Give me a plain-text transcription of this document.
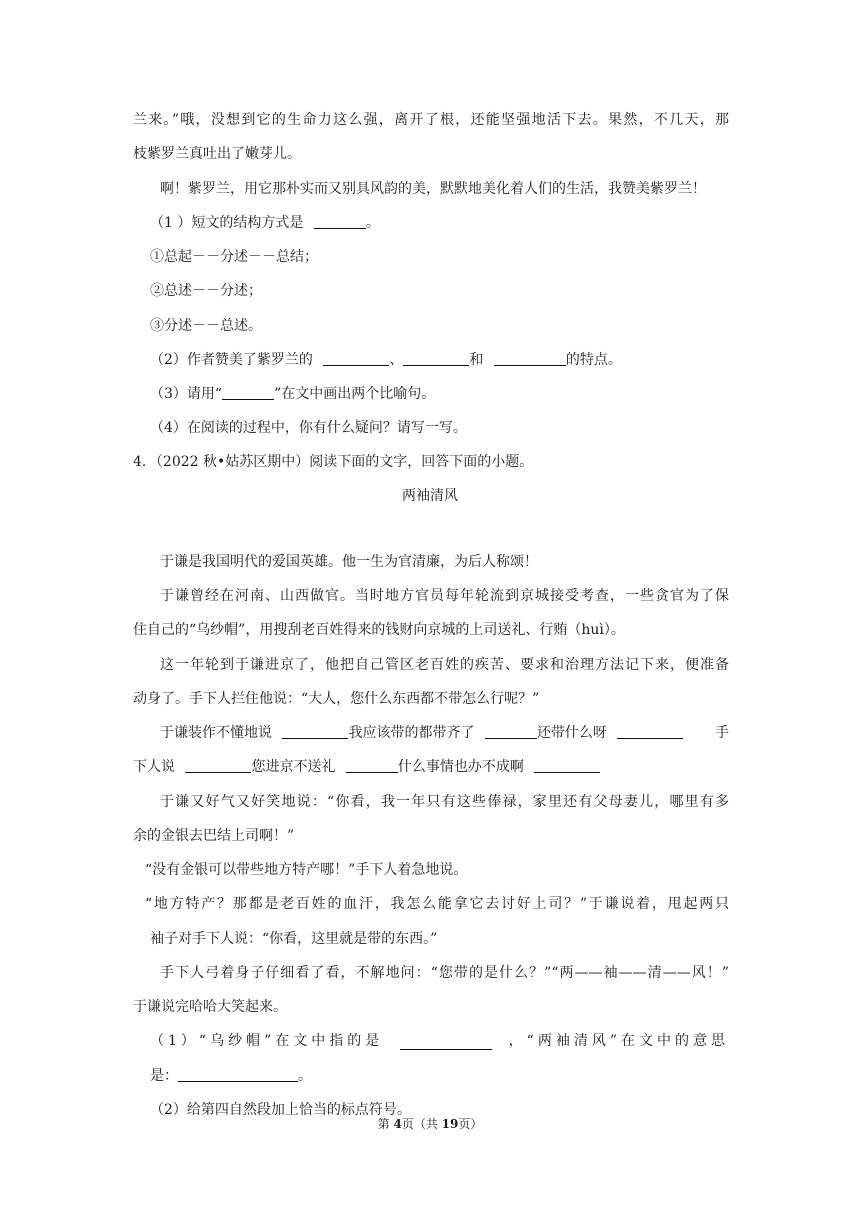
兰来。”哦，没想到它的生命力这么强，离开了根，还能坚强地活下去。果然，不几天，那
枝紫罗兰真吐出了嫩芽儿。
啊！紫罗兰，用它那朴实而又别具风韵的美，默默地美化着人们的生活，我赞美紫罗兰！
（1 ）短文的结构方式是	。
①总起－－分述－－总结；
②总述－－分述；
③分述－－总述。
（2）作者赞美了紫罗兰的	、	和	的特点。
（3）请用“	”在文中画出两个比喻句。
（4）在阅读的过程中，你有什么疑问？请写一写。
4．（2022 秋•姑苏区期中）阅读下面的文字，回答下面的小题。
两袖清风
于谦是我国明代的爱国英雄。他一生为官清廉，为后人称颂！
于谦曾经在河南、山西做官。当时地方官员每年轮流到京城接受考查，一些贪官为了保
住自己的“乌纱帽”，用搜刮老百姓得来的钱财向京城的上司送礼、行贿（huì）。
这一年轮到于谦进京了，他把自己管区老百姓的疾苦、要求和治理方法记下来，便准备
动身了。手下人拦住他说：“大人，您什么东西都不带怎么行呢？”
于谦装作不懂地说	我应该带的都带齐了	还带什么呀	手
下人说	您进京不送礼	什么事情也办不成啊
于谦又好气又好笑地说：“你看，我一年只有这些俸禄，家里还有父母妻儿，哪里有多
余的金银去巴结上司啊！”
“没有金银可以带些地方特产哪！”手下人着急地说。
“地方特产？那都是老百姓的血汗，我怎么能拿它去讨好上司？”于谦说着，甩起两只
袖子对手下人说：“你看，这里就是带的东西。”
手下人弓着身子仔细看了看，不解地问：“您带的是什么？”“两——袖——清——风！”
于谦说完哈哈大笑起来。
（1）“乌纱帽”在文中指的是	，“两袖清风”在文中的意思
是：	。
（2）给第四自然段加上恰当的标点符号。
第 4页（共 19页）
